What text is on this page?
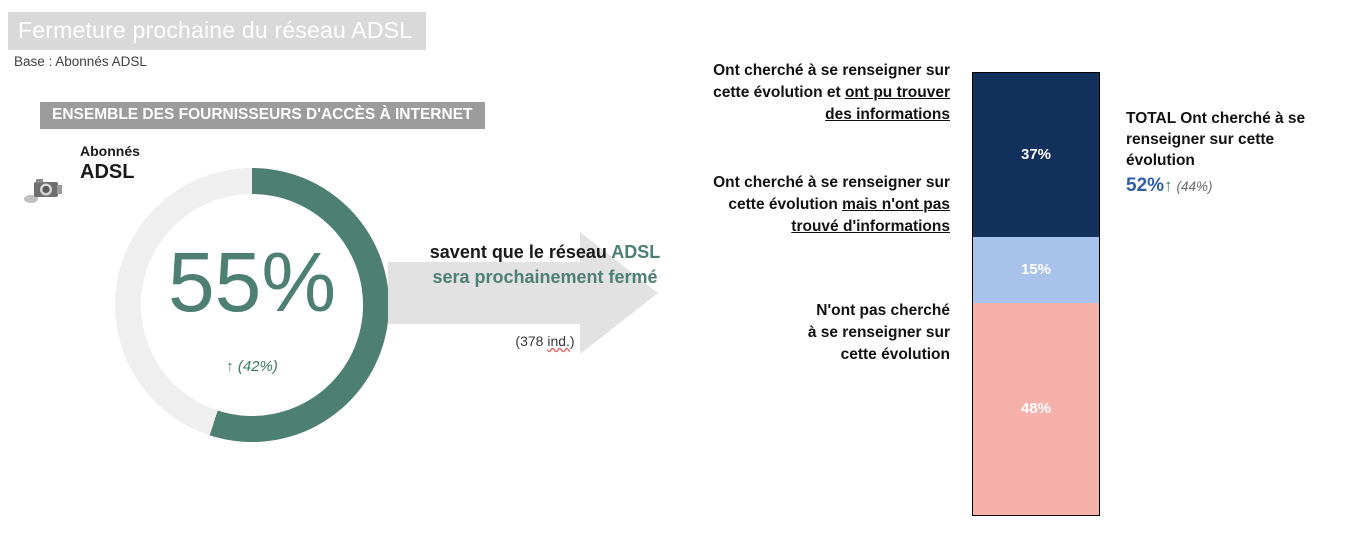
Fermeture prochaine du réseau ADSL
Base : Abonnés ADSL
ENSEMBLE DES FOURNISSEURS D'ACCÈS À INTERNET
Abonnés
ADSL
55%
↑ (42%)
savent que le réseau ADSL
sera prochainement fermé
(378 ind.)
Ont cherché à se renseigner sur
cette évolution et ont pu trouver
des informations
Ont cherché à se renseigner sur
cette évolution mais n'ont pas
trouvé d'informations
N'ont pas cherché
à se renseigner sur
cette évolution
37%
15%
48%
TOTAL Ont cherché à se
renseigner sur cette
évolution
52%↑ (44%)
